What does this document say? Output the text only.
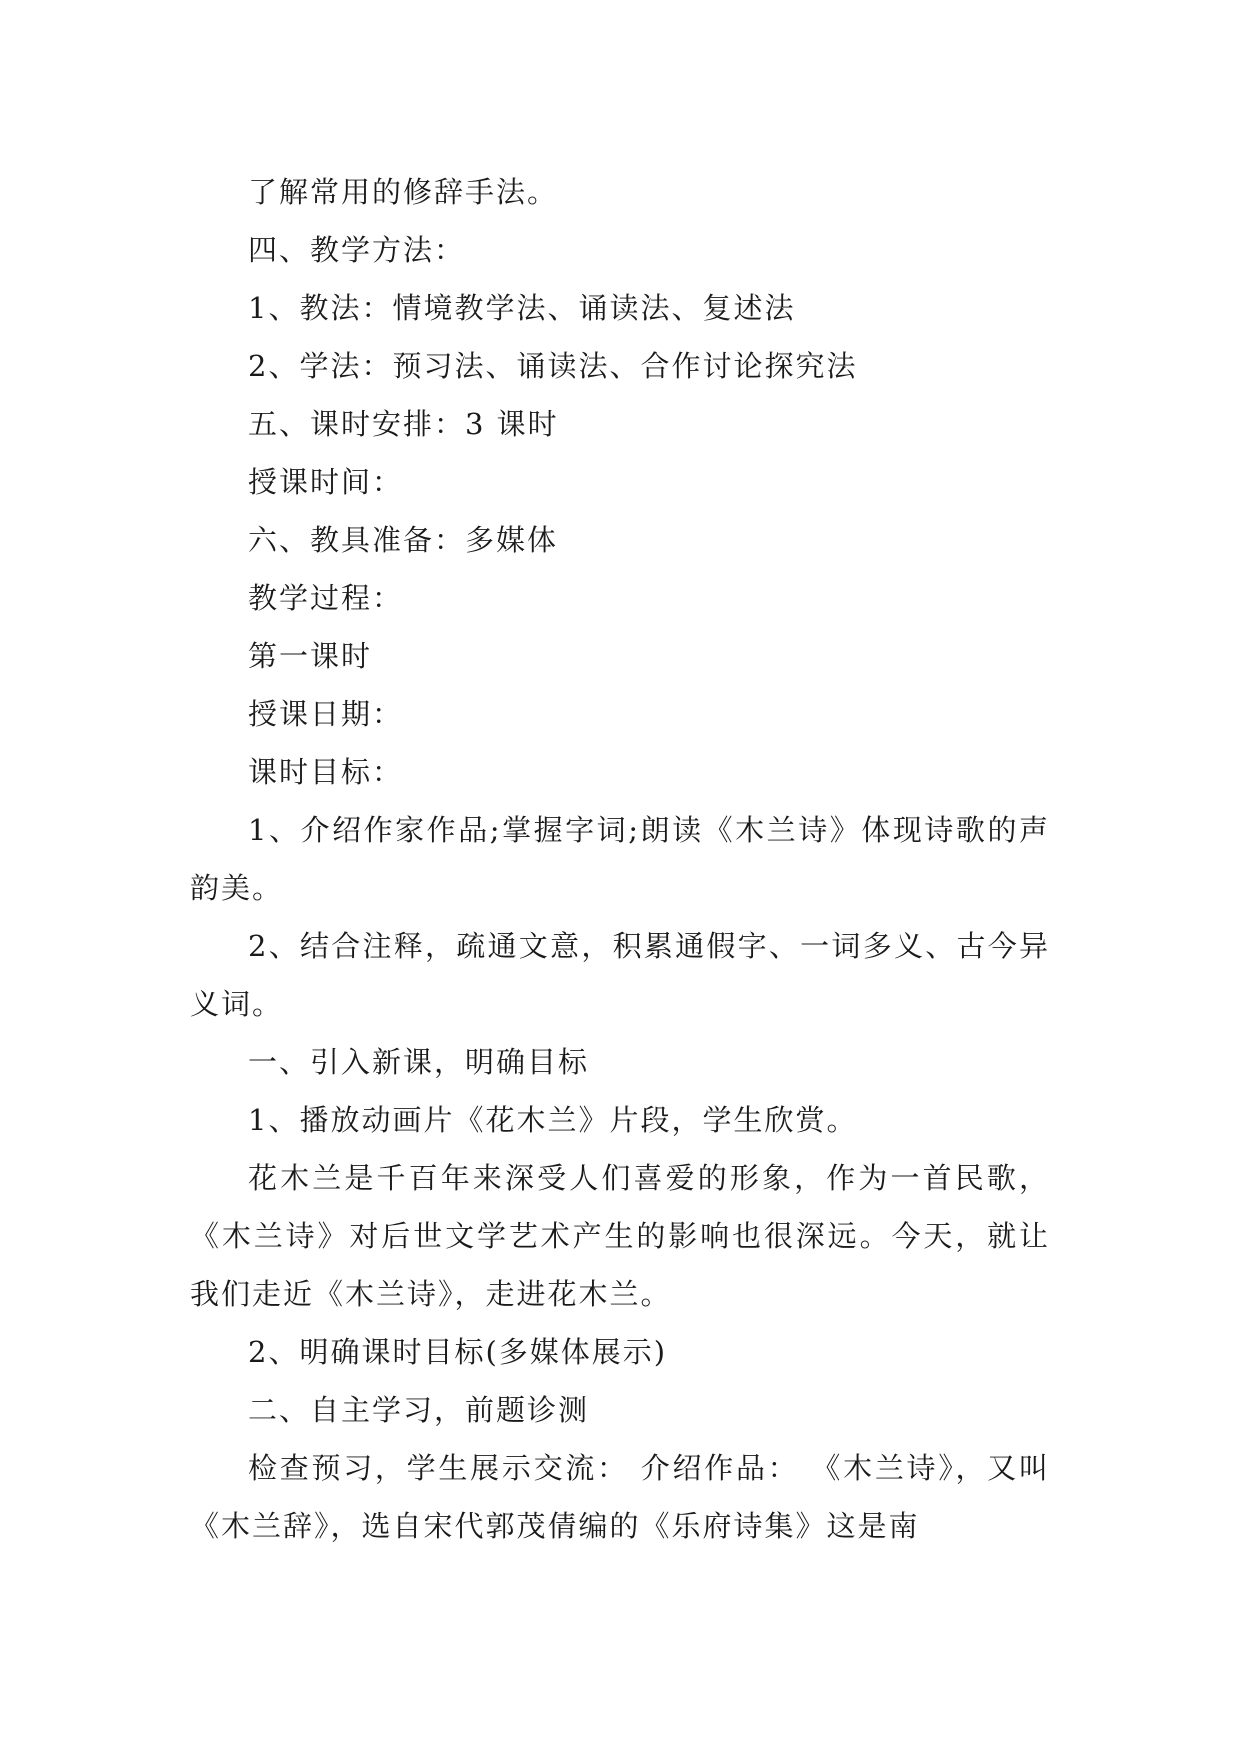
了解常用的修辞手法。

四、教学方法：

1、教法：情境教学法、诵读法、复述法

2、学法：预习法、诵读法、合作讨论探究法

五、课时安排：3 课时

授课时间：

六、教具准备：多媒体

教学过程：

第一课时

授课日期：

课时目标：

1、介绍作家作品;掌握字词;朗读《木兰诗》体现诗歌的声韵美。

2、结合注释，疏通文意，积累通假字、一词多义、古今异义词。

一、引入新课，明确目标

1、播放动画片《花木兰》片段，学生欣赏。

花木兰是千百年来深受人们喜爱的形象，作为一首民歌，《木兰诗》对后世文学艺术产生的影响也很深远。今天，就让我们走近《木兰诗》，走进花木兰。

2、明确课时目标(多媒体展示)

二、自主学习，前题诊测

检查预习，学生展示交流： 介绍作品： 《木兰诗》，又叫《木兰辞》，选自宋代郭茂倩编的《乐府诗集》这是南
